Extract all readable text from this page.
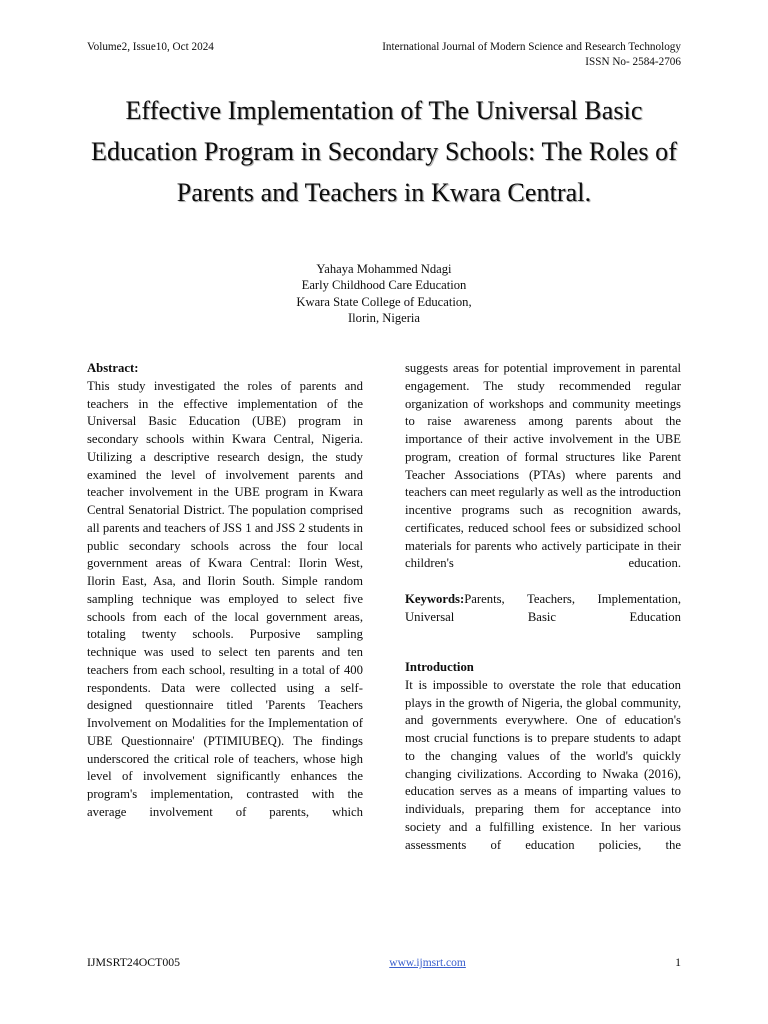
Volume2, Issue10, Oct 2024	International Journal of Modern Science and Research Technology
ISSN No- 2584-2706
Effective Implementation of The Universal Basic Education Program in Secondary Schools: The Roles of Parents and Teachers in Kwara Central.
Yahaya Mohammed Ndagi
Early Childhood Care Education
Kwara State College of Education,
Ilorin, Nigeria

Abstract:

This study investigated the roles of parents and teachers in the effective implementation of the Universal Basic Education (UBE) program in secondary schools within Kwara Central, Nigeria. Utilizing a descriptive research design, the study examined the level of involvement parents and teacher involvement in the UBE program in Kwara Central Senatorial District. The population comprised all parents and teachers of JSS 1 and JSS 2 students in public secondary schools across the four local government areas of Kwara Central: Ilorin West, Ilorin East, Asa, and Ilorin South. Simple random sampling technique was employed to select five schools from each of the local government areas, totaling twenty schools. Purposive sampling technique was used to select ten parents and ten teachers from each school, resulting in a total of 400 respondents. Data were collected using a self-designed questionnaire titled 'Parents Teachers Involvement on Modalities for the Implementation of UBE Questionnaire' (PTIMIUBEQ). The findings underscored the critical role of teachers, whose high level of involvement significantly enhances the program's implementation, contrasted with the average involvement of parents, which

suggests areas for potential improvement in parental engagement. The study recommended regular organization of workshops and community meetings to raise awareness among parents about the importance of their active involvement in the UBE program, creation of formal structures like Parent Teacher Associations (PTAs) where parents and teachers can meet regularly as well as the introduction incentive programs such as recognition awards, certificates, reduced school fees or subsidized school materials for parents who actively participate in their children's education.

Keywords:Parents, Teachers, Implementation, Universal Basic Education

Introduction

It is impossible to overstate the role that education plays in the growth of Nigeria, the global community, and governments everywhere. One of education's most crucial functions is to prepare students to adapt to the changing values of the world's quickly changing civilizations. According to Nwaka (2016), education serves as a means of imparting values to individuals, preparing them for acceptance into society and a fulfilling existence. In her various assessments of education policies, the

IJMSRT24OCT005	www.ijmsrt.com	1
